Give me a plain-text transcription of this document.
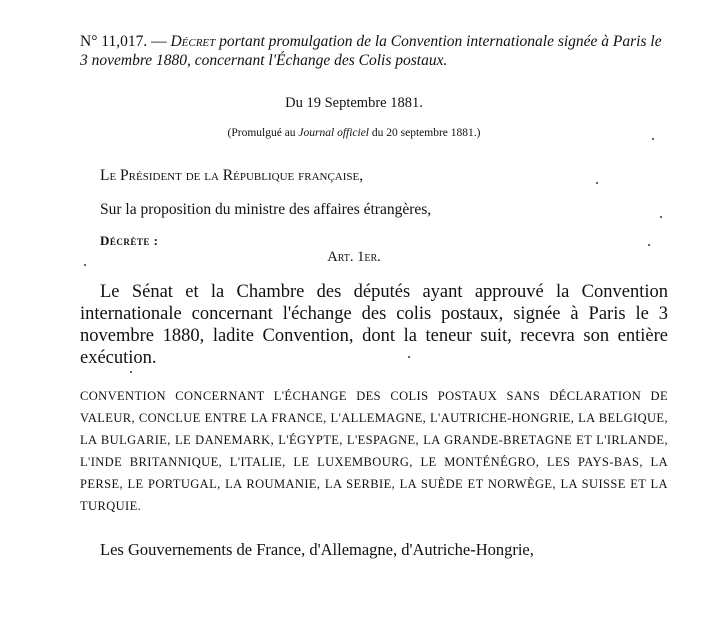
N° 11,017. — Décret portant promulgation de la Convention internationale signée à Paris le 3 novembre 1880, concernant l'Échange des Colis postaux.
Du 19 Septembre 1881.
(Promulgué au Journal officiel du 20 septembre 1881.)
Le Président de la République française,
Sur la proposition du ministre des affaires étrangères,
Décrète :
Art. 1er.
Le Sénat et la Chambre des députés ayant approuvé la Convention internationale concernant l'échange des colis postaux, signée à Paris le 3 novembre 1880, ladite Convention, dont la teneur suit, recevra son entière exécution.
CONVENTION CONCERNANT L'ÉCHANGE DES COLIS POSTAUX SANS DÉCLARATION DE VALEUR, CONCLUE ENTRE LA FRANCE, L'ALLEMAGNE, L'AUTRICHE-HONGRIE, LA BELGIQUE, LA BULGARIE, LE DANEMARK, L'ÉGYPTE, L'ESPAGNE, LA GRANDE-BRETAGNE ET L'IRLANDE, L'INDE BRITANNIQUE, L'ITALIE, LE LUXEMBOURG, LE MONTÉNÉGRO, LES PAYS-BAS, LA PERSE, LE PORTUGAL, LA ROUMANIE, LA SERBIE, LA SUÈDE ET NORWÈGE, LA SUISSE ET LA TURQUIE.
Les Gouvernements de France, d'Allemagne, d'Autriche-Hongrie,
